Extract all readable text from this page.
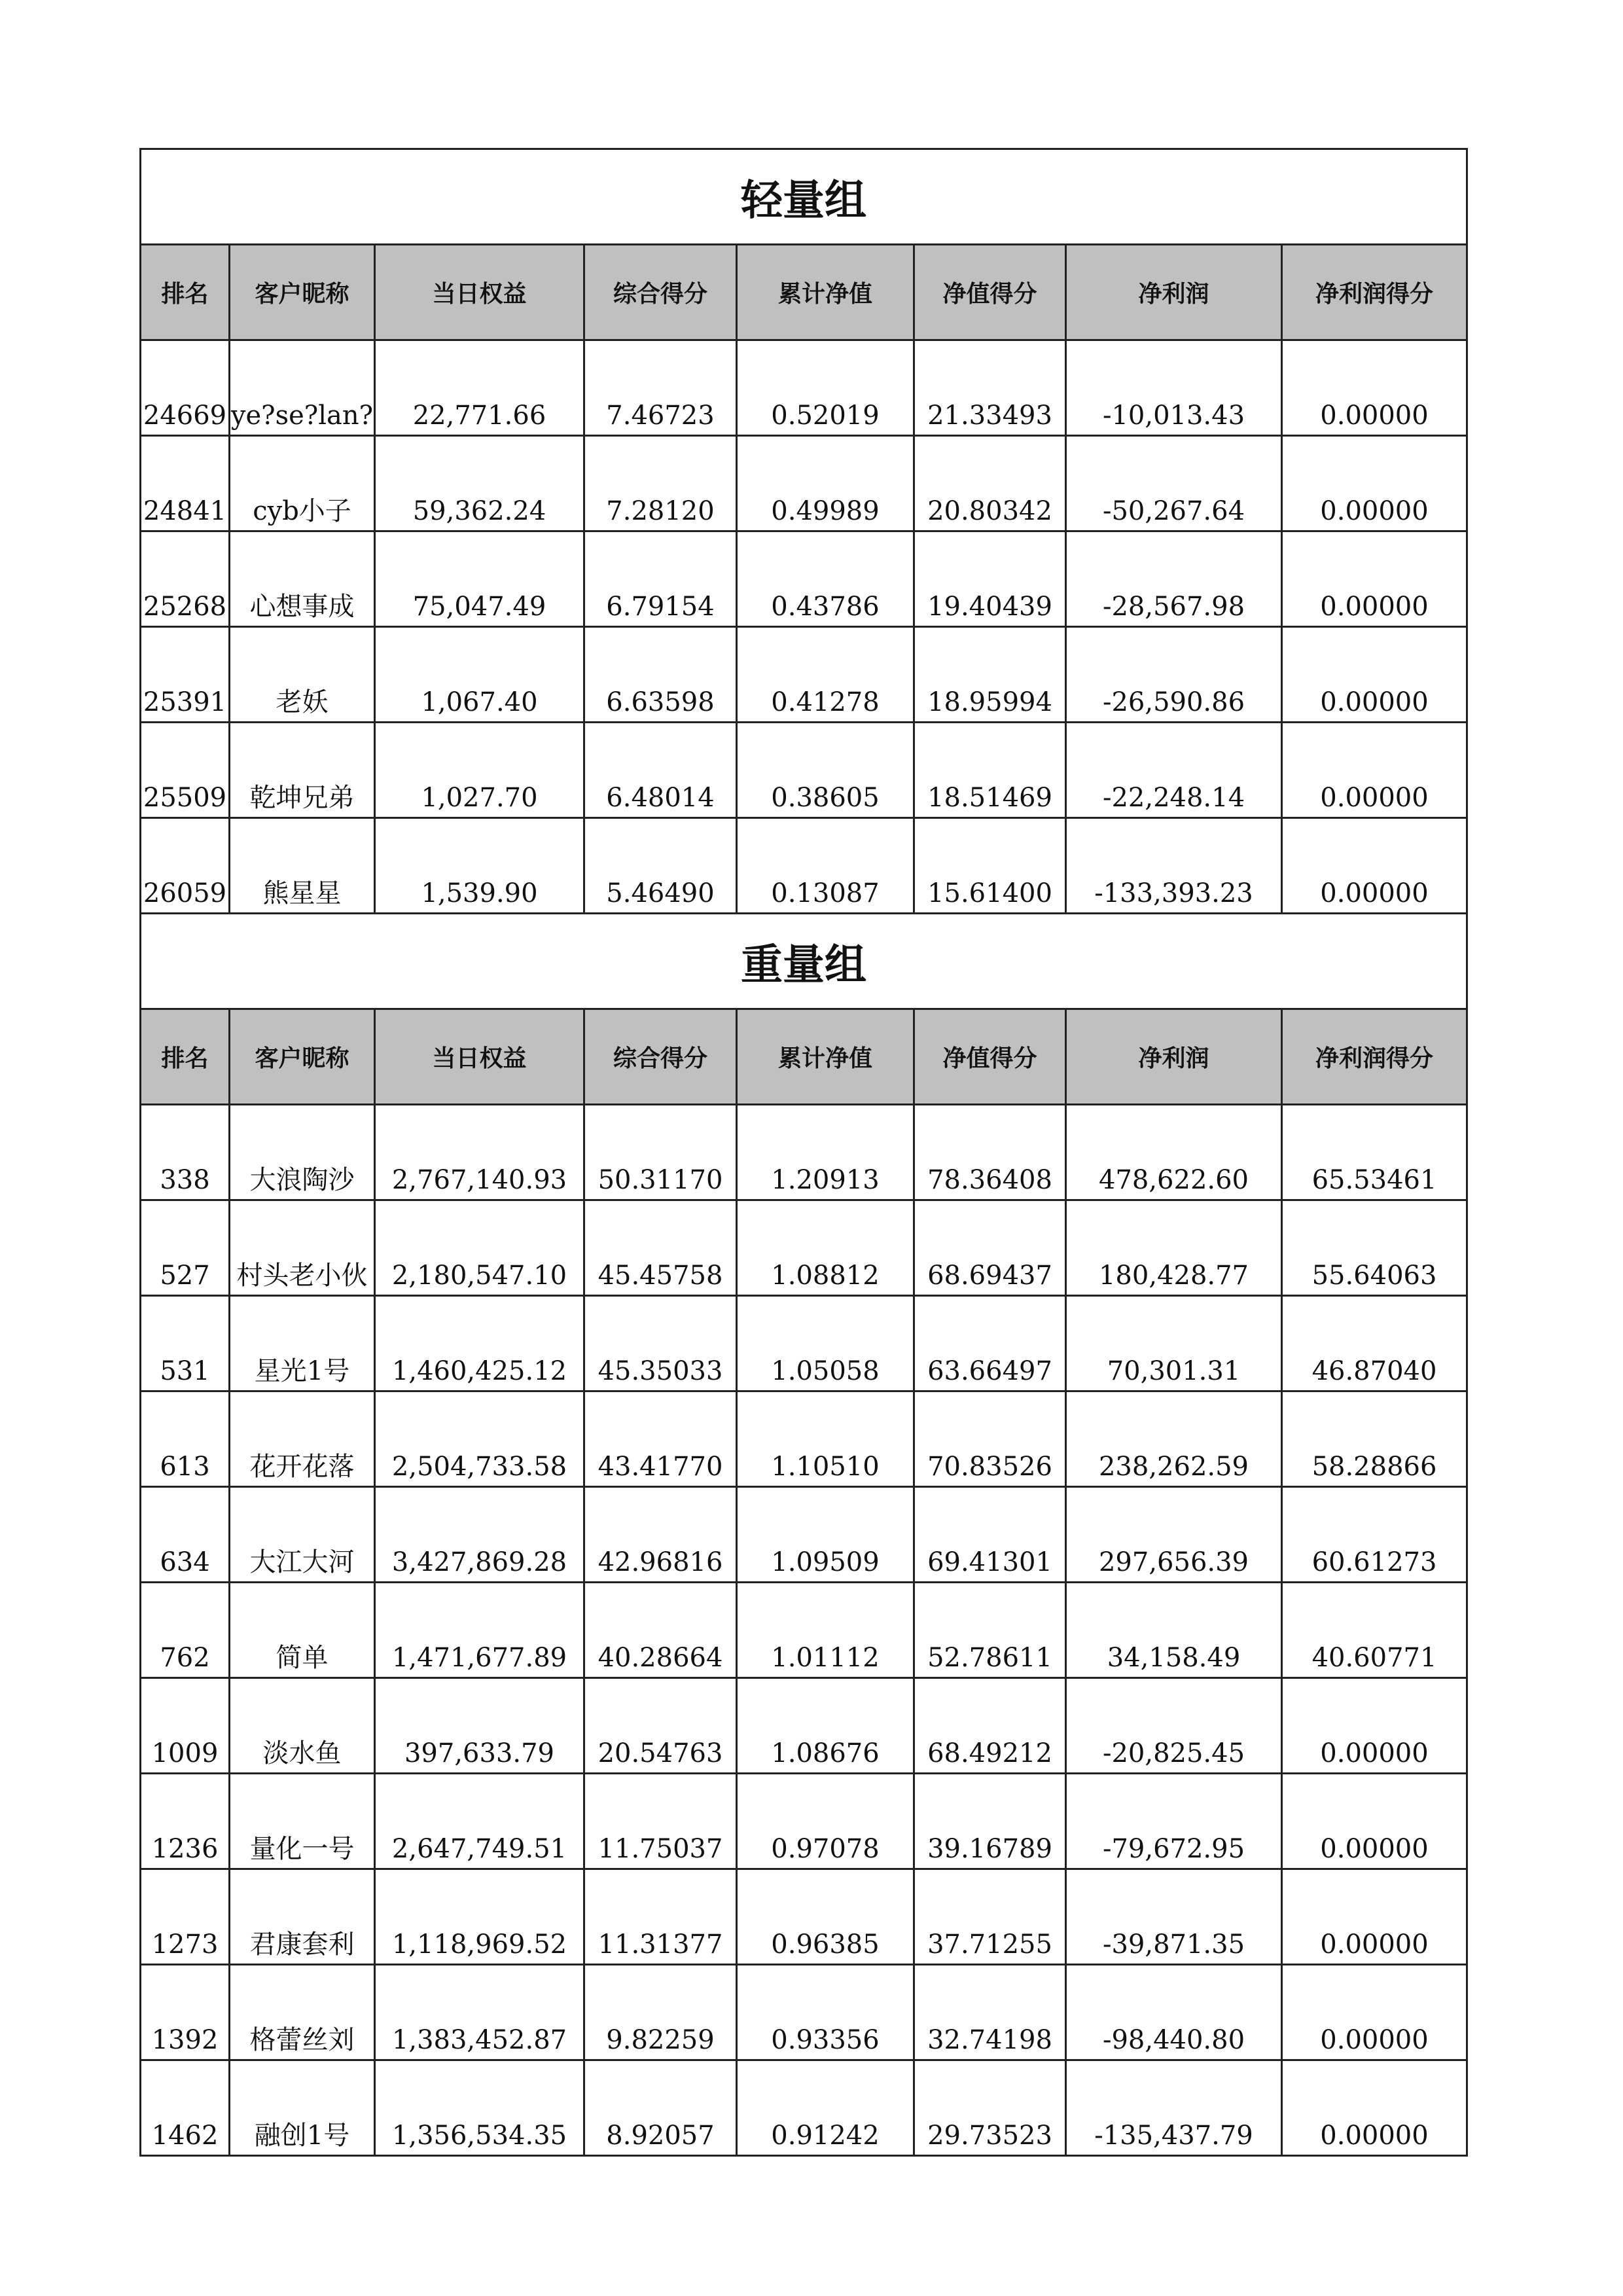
轻量组							
排名	客户昵称	当日权益	综合得分	累计净值	净值得分	净利润	净利润得分
24669	ye?se?lan?	22,771.66	7.46723	0.52019	21.33493	-10,013.43	0.00000
24841	cyb小子	59,362.24	7.28120	0.49989	20.80342	-50,267.64	0.00000
25268	心想事成	75,047.49	6.79154	0.43786	19.40439	-28,567.98	0.00000
25391	老妖	1,067.40	6.63598	0.41278	18.95994	-26,590.86	0.00000
25509	乾坤兄弟	1,027.70	6.48014	0.38605	18.51469	-22,248.14	0.00000
26059	熊星星	1,539.90	5.46490	0.13087	15.61400	-133,393.23	0.00000
重量组							
排名	客户昵称	当日权益	综合得分	累计净值	净值得分	净利润	净利润得分
338	大浪陶沙	2,767,140.93	50.31170	1.20913	78.36408	478,622.60	65.53461
527	村头老小伙	2,180,547.10	45.45758	1.08812	68.69437	180,428.77	55.64063
531	星光1号	1,460,425.12	45.35033	1.05058	63.66497	70,301.31	46.87040
613	花开花落	2,504,733.58	43.41770	1.10510	70.83526	238,262.59	58.28866
634	大江大河	3,427,869.28	42.96816	1.09509	69.41301	297,656.39	60.61273
762	简单	1,471,677.89	40.28664	1.01112	52.78611	34,158.49	40.60771
1009	淡水鱼	397,633.79	20.54763	1.08676	68.49212	-20,825.45	0.00000
1236	量化一号	2,647,749.51	11.75037	0.97078	39.16789	-79,672.95	0.00000
1273	君康套利	1,118,969.52	11.31377	0.96385	37.71255	-39,871.35	0.00000
1392	格蕾丝刘	1,383,452.87	9.82259	0.93356	32.74198	-98,440.80	0.00000
1462	融创1号	1,356,534.35	8.92057	0.91242	29.73523	-135,437.79	0.00000
